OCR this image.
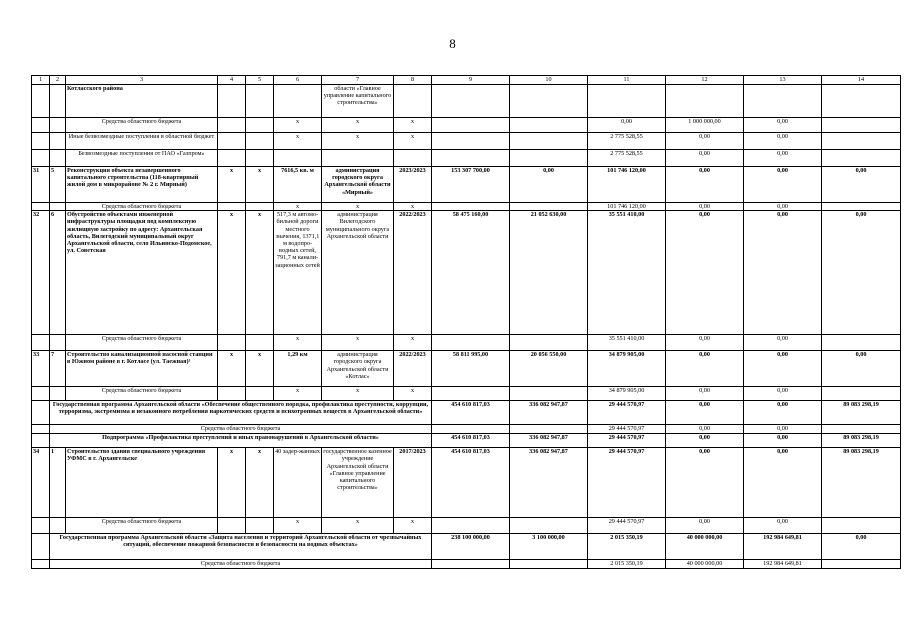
8
1	2	3	4	5	6	7	8	9	10	11	12	13	14
		Котласского района				области «Главное управление капитального строительства»							
		Средства областного бюджета			x	x	x			0,00	1 000 000,00	0,00	
		Иные безвозмездные поступления в областной бюджет			x	x	x			2 775 528,55	0,00	0,00	
		Безвозмездные поступления от ПАО «Газпром»								2 775 528,55	0,00	0,00	
31	5	Реконструкция объекта незавершенного капитального строительства (118-квартирный жилой дом в микрорайоне № 2 г. Мирный)	x	x	7616,5 кв. м	администрация городского округа Архангельской области «Мирный»	2023/2023	153 307 700,00	0,00	101 746 120,00	0,00	0,00	0,00
		Средства областного бюджета			x	x	x			101 746 120,00	0,00	0,00	
32	6	Обустройство объектами инженерной инфраструктуры площадки под комплексную жилищную застройку по адресу: Архангельская область, Вилегодский муниципальный округ Архангельской области, село Ильинско-Подомское, ул. Советская	x	x	517,3 м автомо-бильной дороги местного значения, 1371,1 м водопро-водных сетей, 791,7 м канали-зационных сетей	администрация Вилегодского муниципального округа Архангельской области	2022/2023	58 475 160,00	21 052 630,00	35 551 410,00	0,00	0,00	0,00
		Средства областного бюджета			x	x	x			35 551 410,00	0,00	0,00	
33	7	Строительство канализационной насосной станции в Южном районе в г. Котласе (ул. Таежная)¹	x	x	1,29 км	администрация городского округа Архангельской области «Котлас»	2022/2023	58 811 995,00	20 056 550,00	34 879 905,00	0,00	0,00	0,00
		Средства областного бюджета			x	x	x			34 879 905,00	0,00	0,00	
	Государственная программа Архангельской области «Обеспечение общественного порядка, профилактика преступности, коррупции, терроризма, экстремизма и незаконного потребления наркотических средств и психотропных веществ в Архангельской области»							454 610 817,03	336 082 947,87	29 444 570,97	0,00	0,00	89 083 298,19
	Средства областного бюджета									29 444 570,97	0,00	0,00	
	Подпрограмма «Профилактика преступлений и иных правонарушений в Архангельской области»							454 610 817,03	336 082 947,87	29 444 570,97	0,00	0,00	89 083 298,19
34	1	Строительство здания специального учреждения УФМС в г. Архангельске	x	x	40 задер-жанных	государственное казенное учреждение Архангельской области «Главное управление капитального строительства»	2017/2023	454 610 817,03	336 082 947,87	29 444 570,97	0,00	0,00	89 083 298,19
		Средства областного бюджета			x	x	x			29 444 570,97	0,00	0,00	
	Государственная программа Архангельской области «Защита населения и территорий Архангельской области от чрезвычайных ситуаций, обеспечение пожарной безопасности и безопасности на водных объектах»							238 100 000,00	3 100 000,00	2 015 350,19	40 000 000,00	192 984 649,81	0,00
	Средства областного бюджета									2 015 350,19	40 000 000,00	192 984 649,81	
